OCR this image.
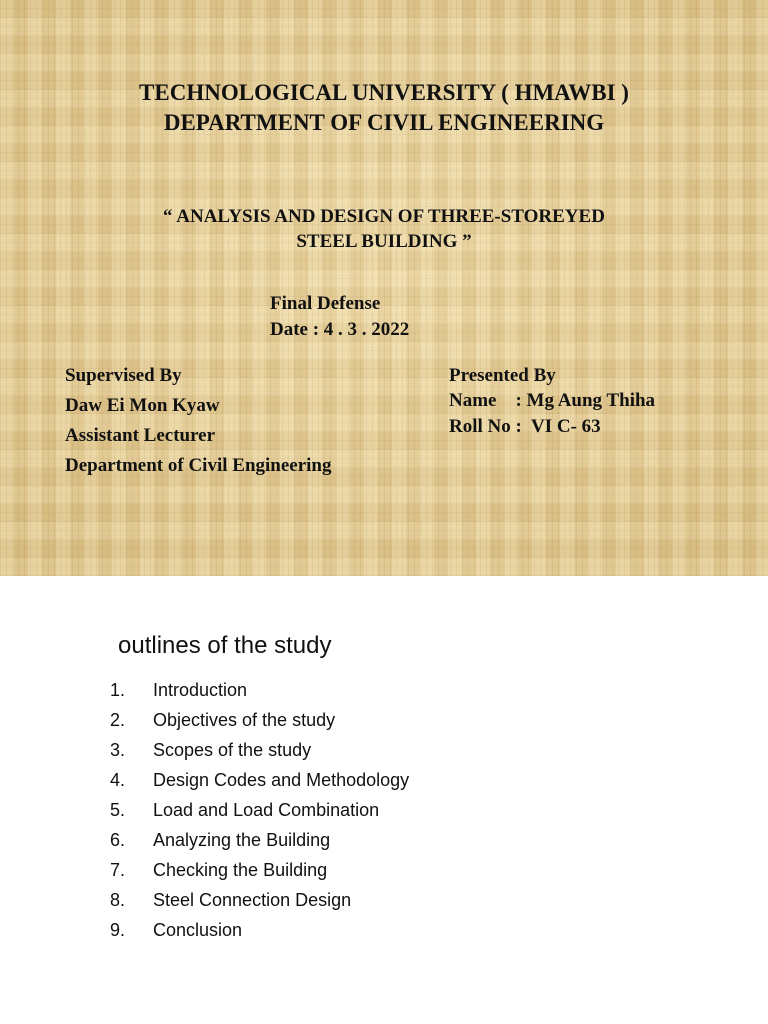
TECHNOLOGICAL UNIVERSITY ( HMAWBI )
DEPARTMENT OF CIVIL ENGINEERING
“ ANALYSIS AND DESIGN OF THREE-STOREYED
STEEL BUILDING ”
Final Defense
Date : 4 . 3 . 2022
Supervised By
Daw Ei Mon Kyaw
Assistant Lecturer
Department of Civil Engineering
Presented By
Name    : Mg Aung Thiha
Roll No :  VI C- 63
outlines of the study
1. Introduction
2. Objectives of the study
3. Scopes of the study
4. Design Codes and Methodology
5. Load and Load Combination
6. Analyzing the Building
7. Checking the Building
8. Steel Connection Design
9. Conclusion
